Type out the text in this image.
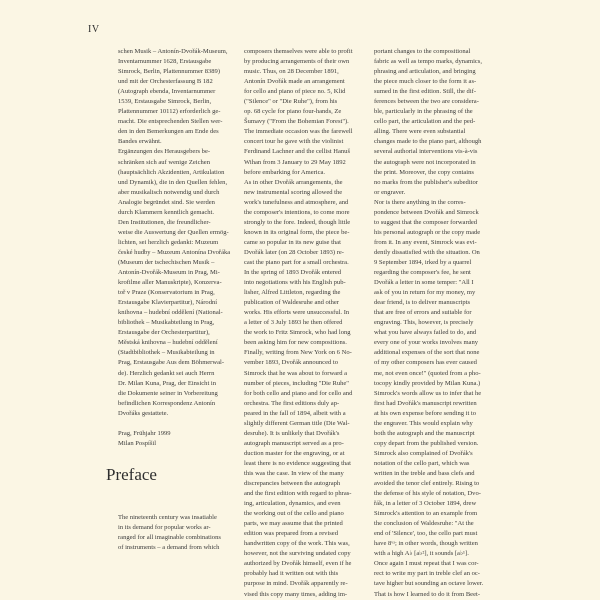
IV
schen Musik – Antonín-Dvořák-Museum,
Inventarnummer 1628, Erstausgabe
Simrock, Berlin, Plattennummer 8389)
und mit der Orchesterfassung B 182
(Autograph ebenda, Inventarnummer
1539, Erstausgabe Simrock, Berlin,
Plattennummer 10112) erforderlich ge-
macht. Die entsprechenden Stellen wer-
den in den Bemerkungen am Ende des
Bandes erwähnt.
Ergänzungen des Herausgebers be-
schränken sich auf wenige Zeichen
(hauptsächlich Akzidentien, Artikulation
und Dynamik), die in den Quellen fehlen,
aber musikalisch notwendig und durch
Analogie begründet sind. Sie werden
durch Klammern kenntlich gemacht.
Den Institutionen, die freundlicher-
weise die Auswertung der Quellen ermög-
lichten, sei herzlich gedankt: Muzeum
české hudby – Muzeum Antonína Dvořáka
(Museum der tschechischen Musik –
Antonín-Dvořák-Museum in Prag, Mi-
krofilme aller Manuskripte), Konzerva-
toř v Praze (Konservatorium in Prag,
Erstausgabe Klavierpartitur), Národní
knihovna – hudební oddělení (National-
bibliothek – Musikabteilung in Prag,
Erstausgabe der Orchesterpartitur),
Městská knihovna – hudební oddělení
(Stadtbibliothek – Musikabteilung in
Prag, Erstausgabe Aus dem Böhmerwal-
de). Herzlich gedankt sei auch Herrn
Dr. Milan Kuna, Prag, der Einsicht in
die Dokumente seiner in Vorbereitung
befindlichen Korrespondenz Antonín
Dvořáks gestattete.
Prag, Frühjahr 1999
Milan Pospíšil
Preface
The nineteenth century was insatiable
in its demand for popular works ar-
ranged for all imaginable combinations
of instruments – a demand from which
composers themselves were able to profit
by producing arrangements of their own
music. Thus, on 28 December 1891,
Antonín Dvořák made an arrangement
for cello and piano of piece no. 5, Klid
("Silence" or "Die Ruhe"), from his
op. 68 cycle for piano four-hands, Ze
Šumavy ("From the Bohemian Forest").
The immediate occasion was the farewell
concert tour he gave with the violinist
Ferdinand Lachner and the cellist Hanuš
Wihan from 3 January to 29 May 1892
before embarking for America.
As in other Dvořák arrangements, the
new instrumental scoring allowed the
work's tunefulness and atmosphere, and
the composer's intentions, to come more
strongly to the fore. Indeed, though little
known in its original form, the piece be-
came so popular in its new guise that
Dvořák later (on 28 October 1893) re-
cast the piano part for a small orchestra.
In the spring of 1893 Dvořák entered
into negotiations with his English pub-
lisher, Alfred Littleton, regarding the
publication of Waldesruhe and other
works. His efforts were unsuccessful. In
a letter of 3 July 1893 he then offered
the work to Fritz Simrock, who had long
been asking him for new compositions.
Finally, writing from New York on 6 No-
vember 1893, Dvořák announced to
Simrock that he was about to forward a
number of pieces, including "Die Ruhe"
for both cello and piano and for cello and
orchestra. The first editions duly ap-
peared in the fall of 1894, albeit with a
slightly different German title (Die Wal-
desruhe). It is unlikely that Dvořák's
autograph manuscript served as a pro-
duction master for the engraving, or at
least there is no evidence suggesting that
this was the case. In view of the many
discrepancies between the autograph
and the first edition with regard to phras-
ing, articulation, dynamics, and even
the working out of the cello and piano
parts, we may assume that the printed
edition was prepared from a revised
handwritten copy of the work. This was,
however, not the surviving undated copy
authorized by Dvořák himself, even if he
probably had it written out with this
purpose in mind. Dvořák apparently re-
vised this copy many times, adding im-
portant changes to the compositional
fabric as well as tempo marks, dynamics,
phrasing and articulation, and bringing
the piece much closer to the form it as-
sumed in the first edition. Still, the dif-
ferences between the two are considera-
ble, particularly in the phrasing of the
cello part, the articulation and the ped-
alling. There were even substantial
changes made to the piano part, although
several authorial interventions vis-à-vis
the autograph were not incorporated in
the print. Moreover, the copy contains
no marks from the publisher's subeditor
or engraver.
Nor is there anything in the corres-
pondence between Dvořák and Simrock
to suggest that the composer forwarded
his personal autograph or the copy made
from it. In any event, Simrock was evi-
dently dissatisfied with the situation. On
9 September 1894, irked by a quarrel
regarding the composer's fee, he sent
Dvořák a letter in some temper: "All I
ask of you in return for my money, my
dear friend, is to deliver manuscripts
that are free of errors and suitable for
engraving. This, however, is precisely
what you have always failed to do, and
every one of your works involves many
additional expenses of the sort that none
of my other composers has ever caused
me, not even once!" (quoted from a pho-
tocopy kindly provided by Milan Kuna.)
Simrock's words allow us to infer that he
first had Dvořák's manuscript rewritten
at his own expense before sending it to
the engraver. This would explain why
both the autograph and the manuscript
copy depart from the published version.
Simrock also complained of Dvořák's
notation of the cello part, which was
written in the treble and bass clefs and
avoided the tenor clef entirely. Rising to
the defense of his style of notation, Dvo-
řák, in a letter of 3 October 1894, drew
Simrock's attention to an example from
the conclusion of Waldesruhe: "At the
end of 'Silence', too, the cello part must
have 8ᵛᵃ; in other words, though written
with a high A♭ [a♭²], it sounds [a♭¹].
Once again I must repeat that I was cor-
rect to write my part in treble clef an oc-
tave higher but sounding an octave lower.
That is how I learned to do it from Beet-
